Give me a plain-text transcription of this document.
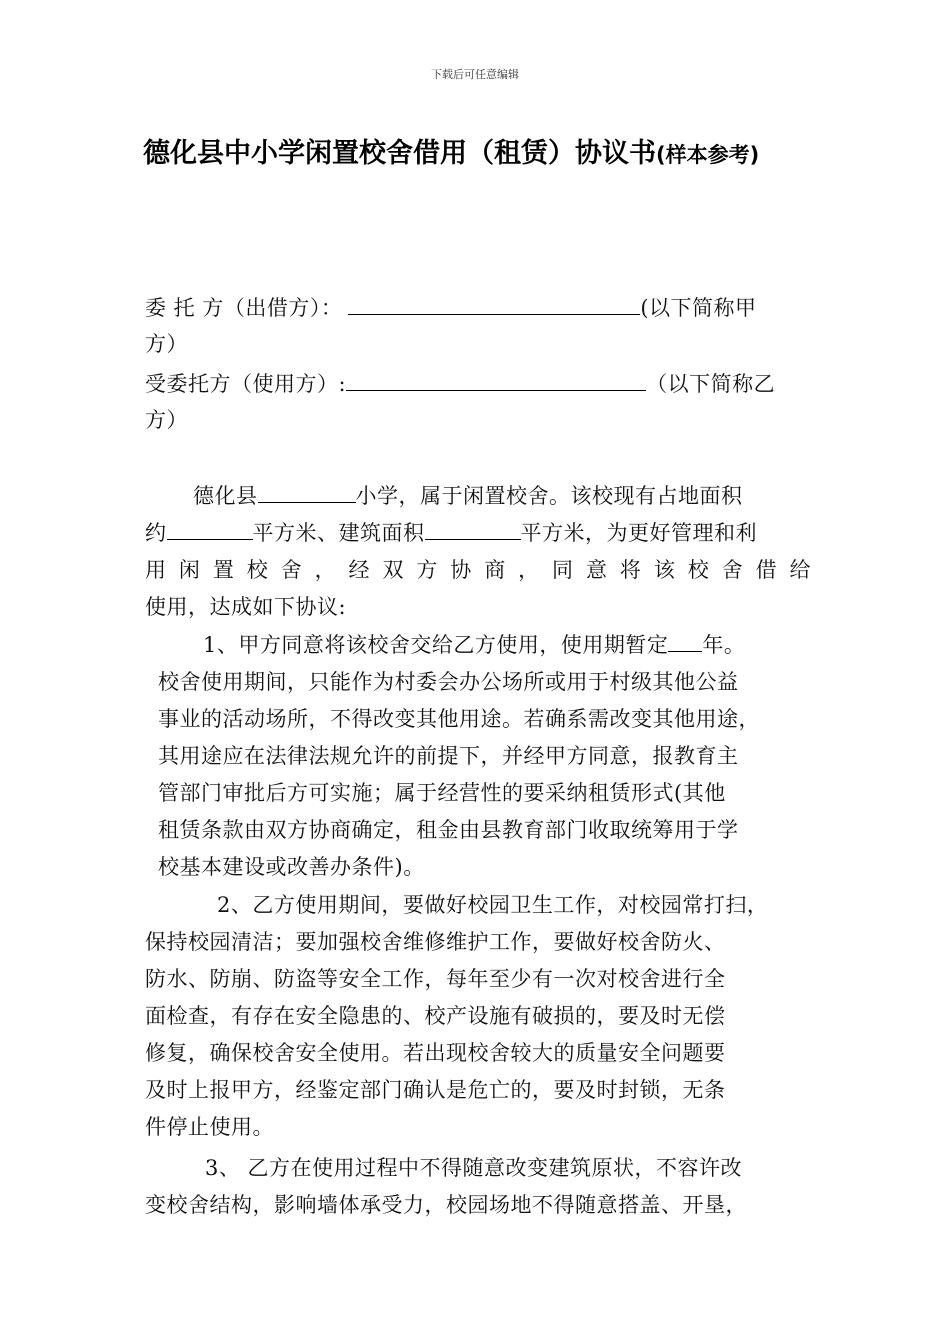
下载后可任意编辑
德化县中小学闲置校舍借用（租赁）协议书(样本参考)
委 托 方（出借方）：	(以下简称甲
方）
受委托方（使用方）:	（以下简称乙
方）
德化县	小学，属于闲置校舍。该校现有占地面积
约	平方米、建筑面积	平方米，为更好管理和利
用闲置校舍，经双方协商，同意将该校舍借给
使用，达成如下协议:
1、甲方同意将该校舍交给乙方使用，使用期暂定 年。
校舍使用期间，只能作为村委会办公场所或用于村级其他公益
事业的活动场所，不得改变其他用途。若确系需改变其他用途，
其用途应在法律法规允许的前提下，并经甲方同意，报教育主
管部门审批后方可实施；属于经营性的要采纳租赁形式(其他
租赁条款由双方协商确定，租金由县教育部门收取统筹用于学
校基本建设或改善办条件)。
2、乙方使用期间，要做好校园卫生工作，对校园常打扫，
保持校园清洁；要加强校舍维修维护工作，要做好校舍防火、
防水、防崩、防盗等安全工作，每年至少有一次对校舍进行全
面检查，有存在安全隐患的、校产设施有破损的，要及时无偿
修复，确保校舍安全使用。若出现校舍较大的质量安全问题要
及时上报甲方，经鉴定部门确认是危亡的，要及时封锁，无条
件停止使用。
3、 乙方在使用过程中不得随意改变建筑原状，不容许改
变校舍结构，影响墙体承受力，校园场地不得随意搭盖、开垦，
